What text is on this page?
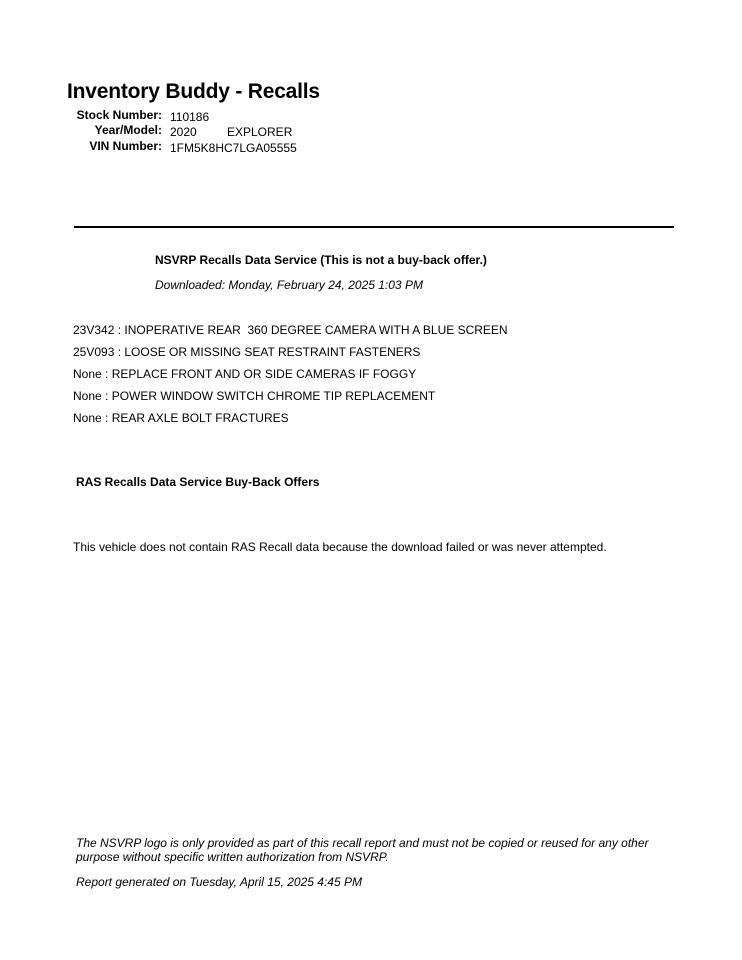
Inventory Buddy - Recalls
Stock Number: 110186
Year/Model: 2020	EXPLORER
VIN Number: 1FM5K8HC7LGA05555
NSVRP Recalls Data Service (This is not a buy-back offer.)
Downloaded: Monday, February 24, 2025 1:03 PM
23V342 : INOPERATIVE REAR  360 DEGREE CAMERA WITH A BLUE SCREEN
25V093 : LOOSE OR MISSING SEAT RESTRAINT FASTENERS
None : REPLACE FRONT AND OR SIDE CAMERAS IF FOGGY
None : POWER WINDOW SWITCH CHROME TIP REPLACEMENT
None : REAR AXLE BOLT FRACTURES
RAS Recalls Data Service Buy-Back Offers
This vehicle does not contain RAS Recall data because the download failed or was never attempted.
The NSVRP logo is only provided as part of this recall report and must not be copied or reused for any other purpose without specific written authorization from NSVRP.
Report generated on Tuesday, April 15, 2025 4:45 PM
